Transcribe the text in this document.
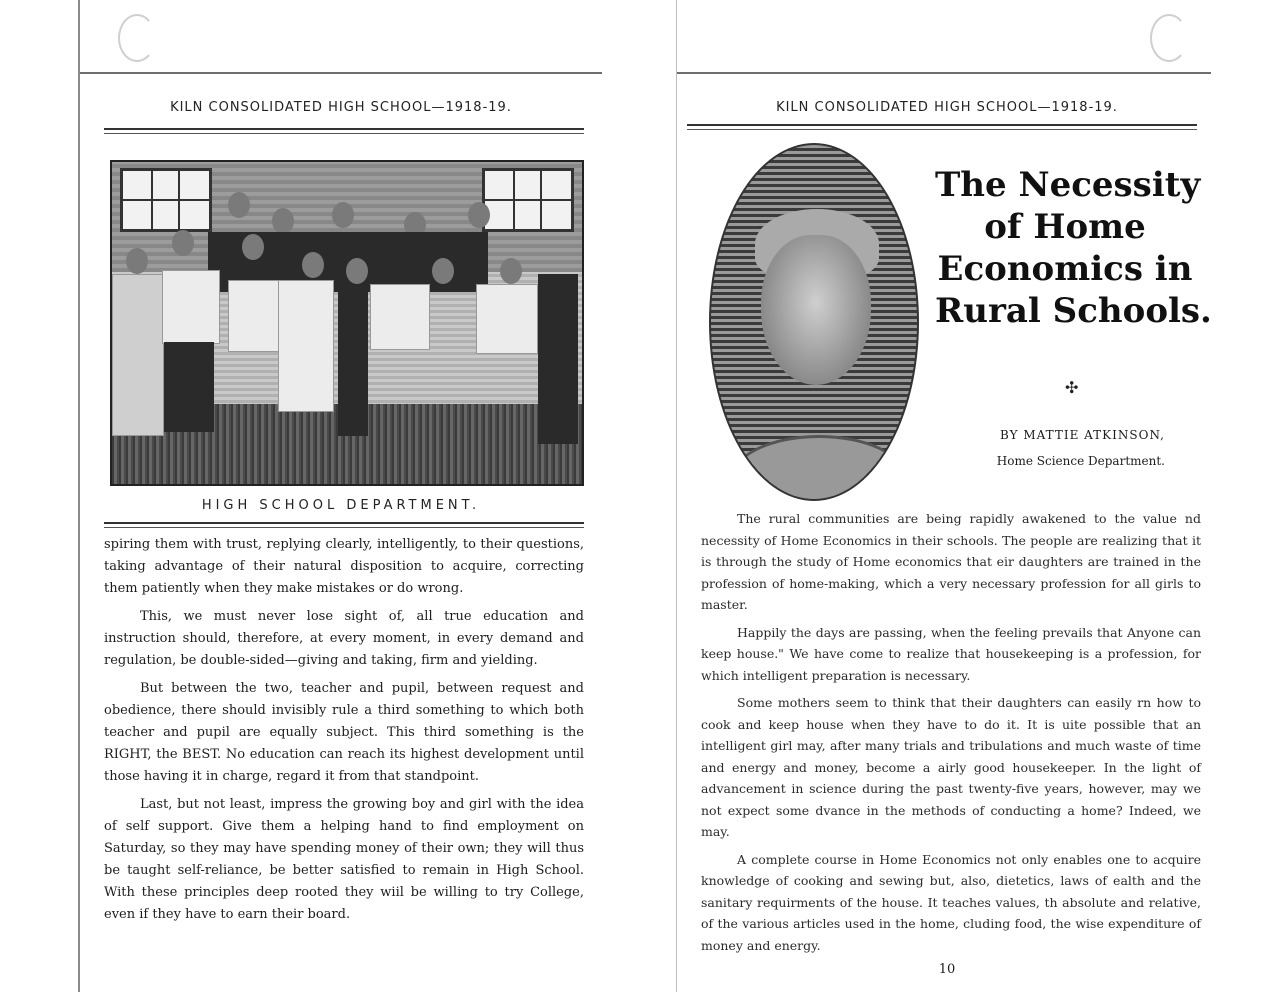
KILN CONSOLIDATED HIGH SCHOOL—1918-19.
HIGH SCHOOL DEPARTMENT.

spiring them with trust, replying clearly, intelligently, to their questions, taking advantage of their natural disposition to acquire, correcting them patiently when they make mistakes or do wrong.

This, we must never lose sight of, all true education and instruction should, therefore, at every moment, in every demand and regulation, be double-sided—giving and taking, firm and yielding.

But between the two, teacher and pupil, between request and obedience, there should invisibly rule a third something to which both teacher and pupil are equally subject. This third something is the RIGHT, the BEST. No education can reach its highest development until those having it in charge, regard it from that standpoint.

Last, but not least, impress the growing boy and girl with the idea of self support. Give them a helping hand to find employment on Saturday, so they may have spending money of their own; they will thus be taught self-reliance, be better satisfied to remain in High School. With these principles deep rooted they wiil be willing to try College, even if they have to earn their board.

KILN CONSOLIDATED HIGH SCHOOL—1918-19.
The Necessity
of Home
Economics in
Rural Schools.
✣
BY MATTIE ATKINSON,
Home Science Department.

The rural communities are being rapidly awakened to the value nd necessity of Home Economics in their schools. The people are realizing that it is through the study of Home economics that eir daughters are trained in the profession of home-making, which a very necessary profession for all girls to master.

Happily the days are passing, when the feeling prevails that Anyone can keep house." We have come to realize that housekeeping is a profession, for which intelligent preparation is necessary.

Some mothers seem to think that their daughters can easily rn how to cook and keep house when they have to do it. It is uite possible that an intelligent girl may, after many trials and tribulations and much waste of time and energy and money, become a airly good housekeeper. In the light of advancement in science during the past twenty-five years, however, may we not expect some dvance in the methods of conducting a home? Indeed, we may.

A complete course in Home Economics not only enables one to acquire knowledge of cooking and sewing but, also, dietetics, laws of ealth and the sanitary requirments of the house. It teaches values, th absolute and relative, of the various articles used in the home, cluding food, the wise expenditure of money and energy.

10
